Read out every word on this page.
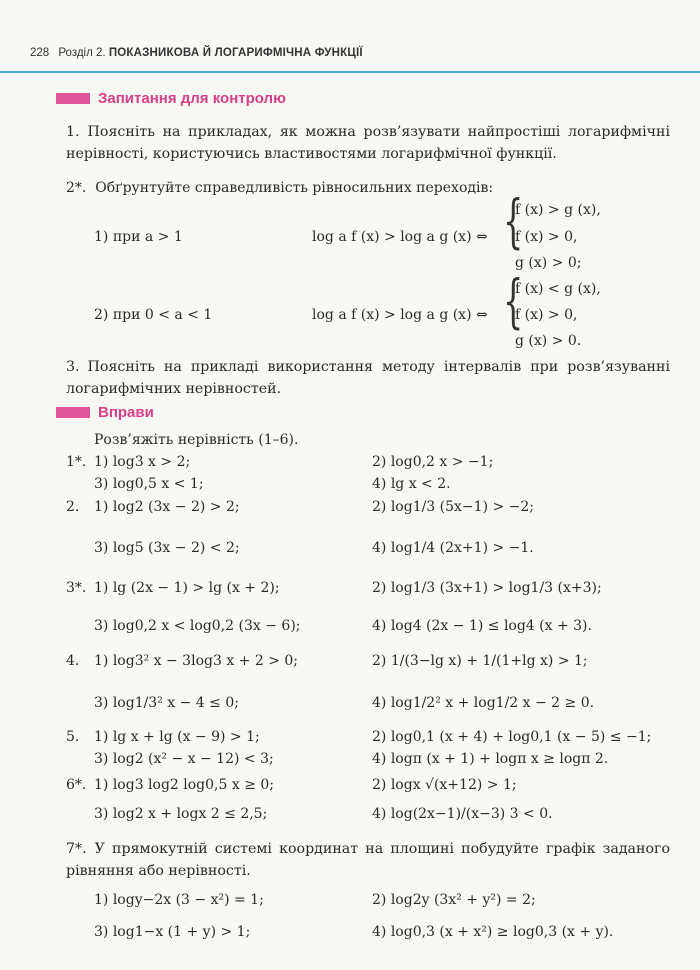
228 Розділ 2. ПОКАЗНИКОВА Й ЛОГАРИФМІЧНА ФУНКЦІЇ
Запитання для контролю
1. Поясніть на прикладах, як можна розв’язувати найпростіші логарифмічні нерівності, користуючись властивостями логарифмічної функції.
2*. Обґрунтуйте справедливість рівносильних переходів:
1) при a > 1	log a f (x) > log a g (x) ⇔ {
f (x) > g (x),
f (x) > 0,
g (x) > 0;
2) при 0 < a < 1	log a f (x) > log a g (x) ⇔ {
f (x) < g (x),
f (x) > 0,
g (x) > 0.
3. Поясніть на прикладі використання методу інтервалів при розв’язуванні логарифмічних нерівностей.
Вправи
Розв’яжіть нерівність (1–6).
1*. 1) log3 x > 2;	2) log0,2 x > −1;
3) log0,5 x < 1;	4) lg x < 2.
2. 1) log2 (3x − 2) > 2;	2) log1/3 (5x−1) > −2;
3) log5 (3x − 2) < 2;	4) log1/4 (2x+1) > −1.
3*. 1) lg (2x − 1) > lg (x + 2);	2) log1/3 (3x+1) > log1/3 (x+3);
3) log0,2 x < log0,2 (3x − 6);	4) log4 (2x − 1) ≤ log4 (x + 3).
4. 1) log3² x − 3log3 x + 2 > 0;	2) 1/(3−lg x) + 1/(1+lg x) > 1;
3) log1/3² x − 4 ≤ 0;	4) log1/2² x + log1/2 x − 2 ≥ 0.
5. 1) lg x + lg (x − 9) > 1;	2) log0,1 (x + 4) + log0,1 (x − 5) ≤ −1;
3) log2 (x² − x − 12) < 3;	4) logπ (x + 1) + logπ x ≥ logπ 2.
6*. 1) log3 log2 log0,5 x ≥ 0;	2) logx √(x+12) > 1;
3) log2 x + logx 2 ≤ 2,5;	4) log(2x−1)/(x−3) 3 < 0.
7*. У прямокутній системі координат на площині побудуйте графік заданого рівняння або нерівності.
1) logy−2x (3 − x²) = 1;	2) log2y (3x² + y²) = 2;
3) log1−x (1 + y) > 1;	4) log0,3 (x + x²) ≥ log0,3 (x + y).
